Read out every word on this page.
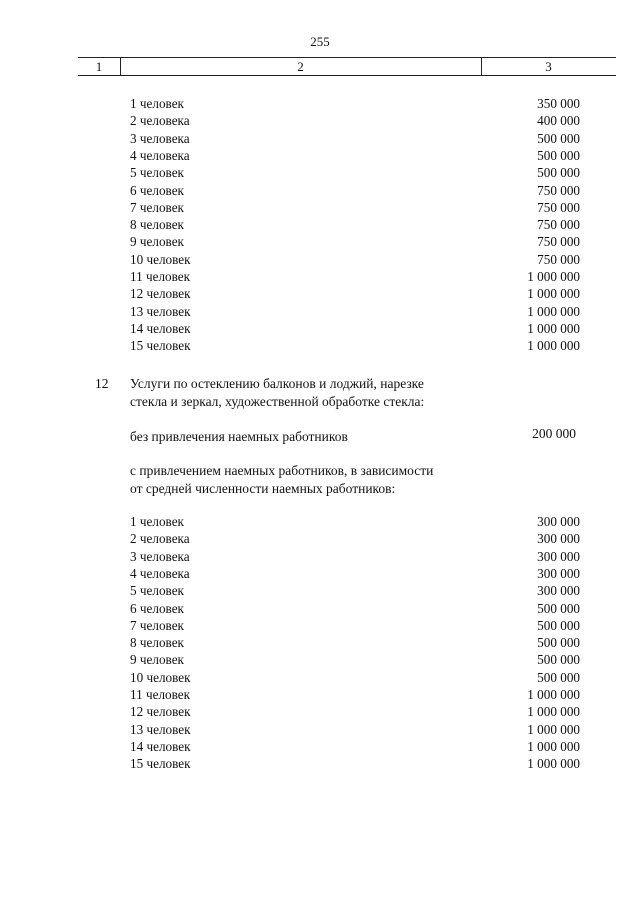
255
1	2	3
1 человек	350 000
2 человека	400 000
3 человека	500 000
4 человека	500 000
5 человек	500 000
6 человек	750 000
7 человек	750 000
8 человек	750 000
9 человек	750 000
10 человек	750 000
11 человек	1 000 000
12 человек	1 000 000
13 человек	1 000 000
14 человек	1 000 000
15 человек	1 000 000
12 Услуги по остеклению балконов и лоджий, нарезке
стекла и зеркал, художественной обработке стекла:
без привлечения наемных работников	200 000
с привлечением наемных работников, в зависимости
от средней численности наемных работников:
1 человек	300 000
2 человека	300 000
3 человека	300 000
4 человека	300 000
5 человек	300 000
6 человек	500 000
7 человек	500 000
8 человек	500 000
9 человек	500 000
10 человек	500 000
11 человек	1 000 000
12 человек	1 000 000
13 человек	1 000 000
14 человек	1 000 000
15 человек	1 000 000
